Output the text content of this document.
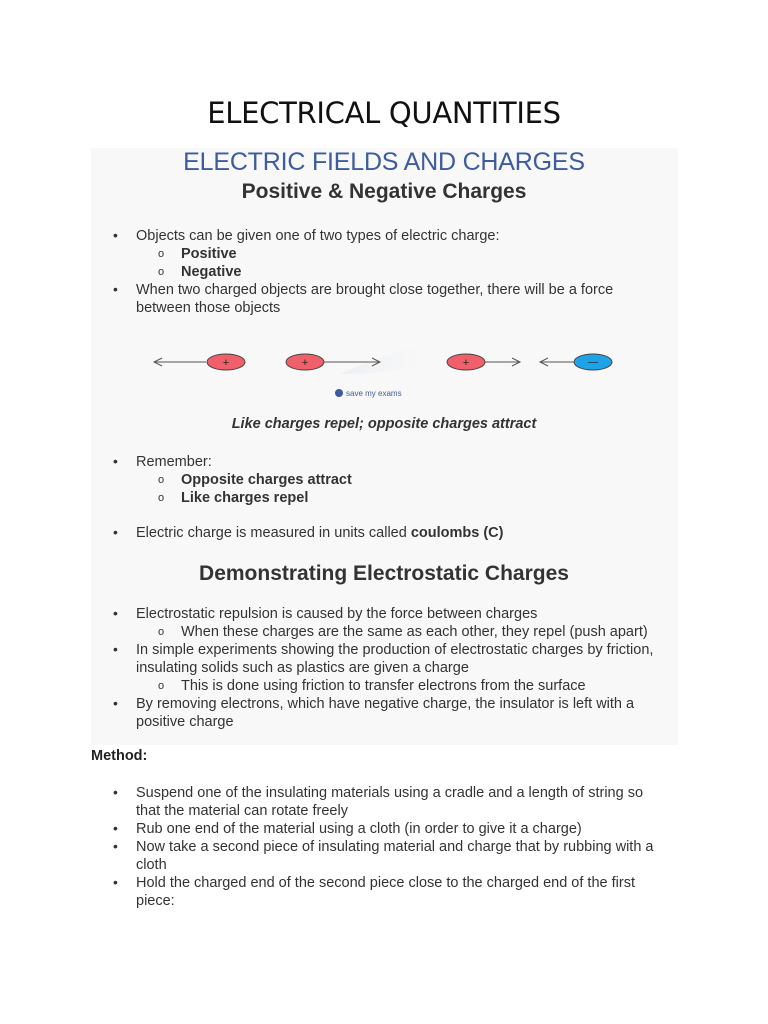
ELECTRICAL QUANTITIES
ELECTRIC FIELDS AND CHARGES
Positive & Negative Charges
• Objects can be given one of two types of electric charge:
o Positive
o Negative
• When two charged objects are brought close together, there will be a force
between those objects
+	+
save my exams
+	—
Like charges repel; opposite charges attract
• Remember:
o Opposite charges attract
o Like charges repel
• Electric charge is measured in units called coulombs (C)
Demonstrating Electrostatic Charges
• Electrostatic repulsion is caused by the force between charges
o When these charges are the same as each other, they repel (push apart)
• In simple experiments showing the production of electrostatic charges by friction,
insulating solids such as plastics are given a charge
o This is done using friction to transfer electrons from the surface
• By removing electrons, which have negative charge, the insulator is left with a
positive charge
Method:
• Suspend one of the insulating materials using a cradle and a length of string so
that the material can rotate freely
• Rub one end of the material using a cloth (in order to give it a charge)
• Now take a second piece of insulating material and charge that by rubbing with a
cloth
• Hold the charged end of the second piece close to the charged end of the first
piece:
